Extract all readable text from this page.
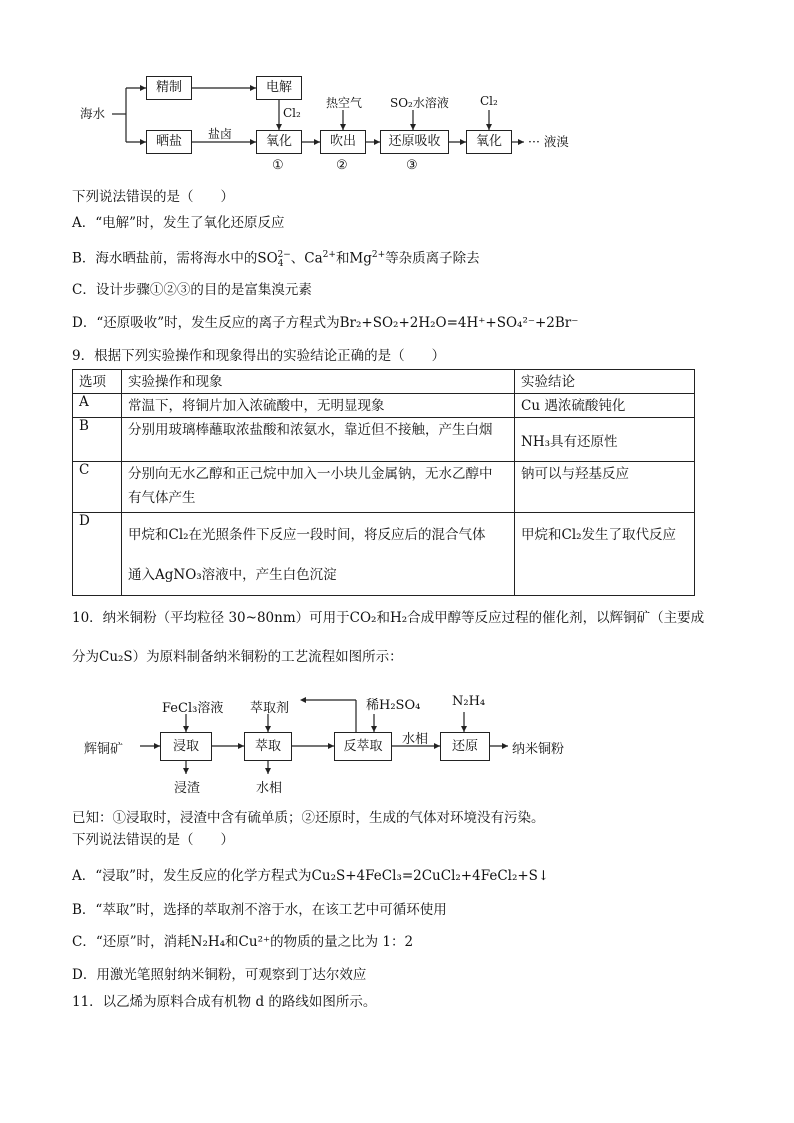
海水
精制	电解
Cl₂
晒盐	盐卤	氧化
①
热空气
吹出
②
SO₂水溶液
还原吸收
③
Cl₂
氧化	··· 液溴
下列说法错误的是（　　）
A．“电解”时，发生了氧化还原反应
B．海水晒盐前，需将海水中的$SO_4^{2-}$、$Ca^{2+}$和$Mg^{2+}$等杂质离子除去
C．设计步骤①②③的目的是富集溴元素
D．“还原吸收”时，发生反应的离子方程式为Br₂+SO₂+2H₂O=4H⁺+SO₄²⁻+2Br⁻
9．根据下列实验操作和现象得出的实验结论正确的是（　　）
选项	实验操作和现象	实验结论
A	常温下，将铜片加入浓硫酸中，无明显现象	Cu 遇浓硫酸钝化
B	分别用玻璃棒蘸取浓盐酸和浓氨水，靠近但不接触，产生白烟	NH₃具有还原性
C	分别向无水乙醇和正己烷中加入一小块儿金属钠，无水乙醇中
有气体产生	钠可以与羟基反应
D	甲烷和Cl₂在光照条件下反应一段时间，将反应后的混合气体
通入AgNO₃溶液中，产生白色沉淀	甲烷和Cl₂发生了取代反应
10．纳米铜粉（平均粒径 30~80nm）可用于CO₂和H₂合成甲醇等反应过程的催化剂，以辉铜矿（主要成
分为Cu₂S）为原料制备纳米铜粉的工艺流程如图所示：
辉铜矿
FeCl₃溶液
浸取
浸渣
萃取剂
萃取
水相
稀H₂SO₄
反萃取	水相
N₂H₄
还原	纳米铜粉
已知：①浸取时，浸渣中含有硫单质；②还原时，生成的气体对环境没有污染。
下列说法错误的是（　　）
A．“浸取”时，发生反应的化学方程式为Cu₂S+4FeCl₃=2CuCl₂+4FeCl₂+S↓
B．“萃取”时，选择的萃取剂不溶于水，在该工艺中可循环使用
C．“还原”时，消耗N₂H₄和Cu²⁺的物质的量之比为 1：2
D．用激光笔照射纳米铜粉，可观察到丁达尔效应
11．以乙烯为原料合成有机物 d 的路线如图所示。
